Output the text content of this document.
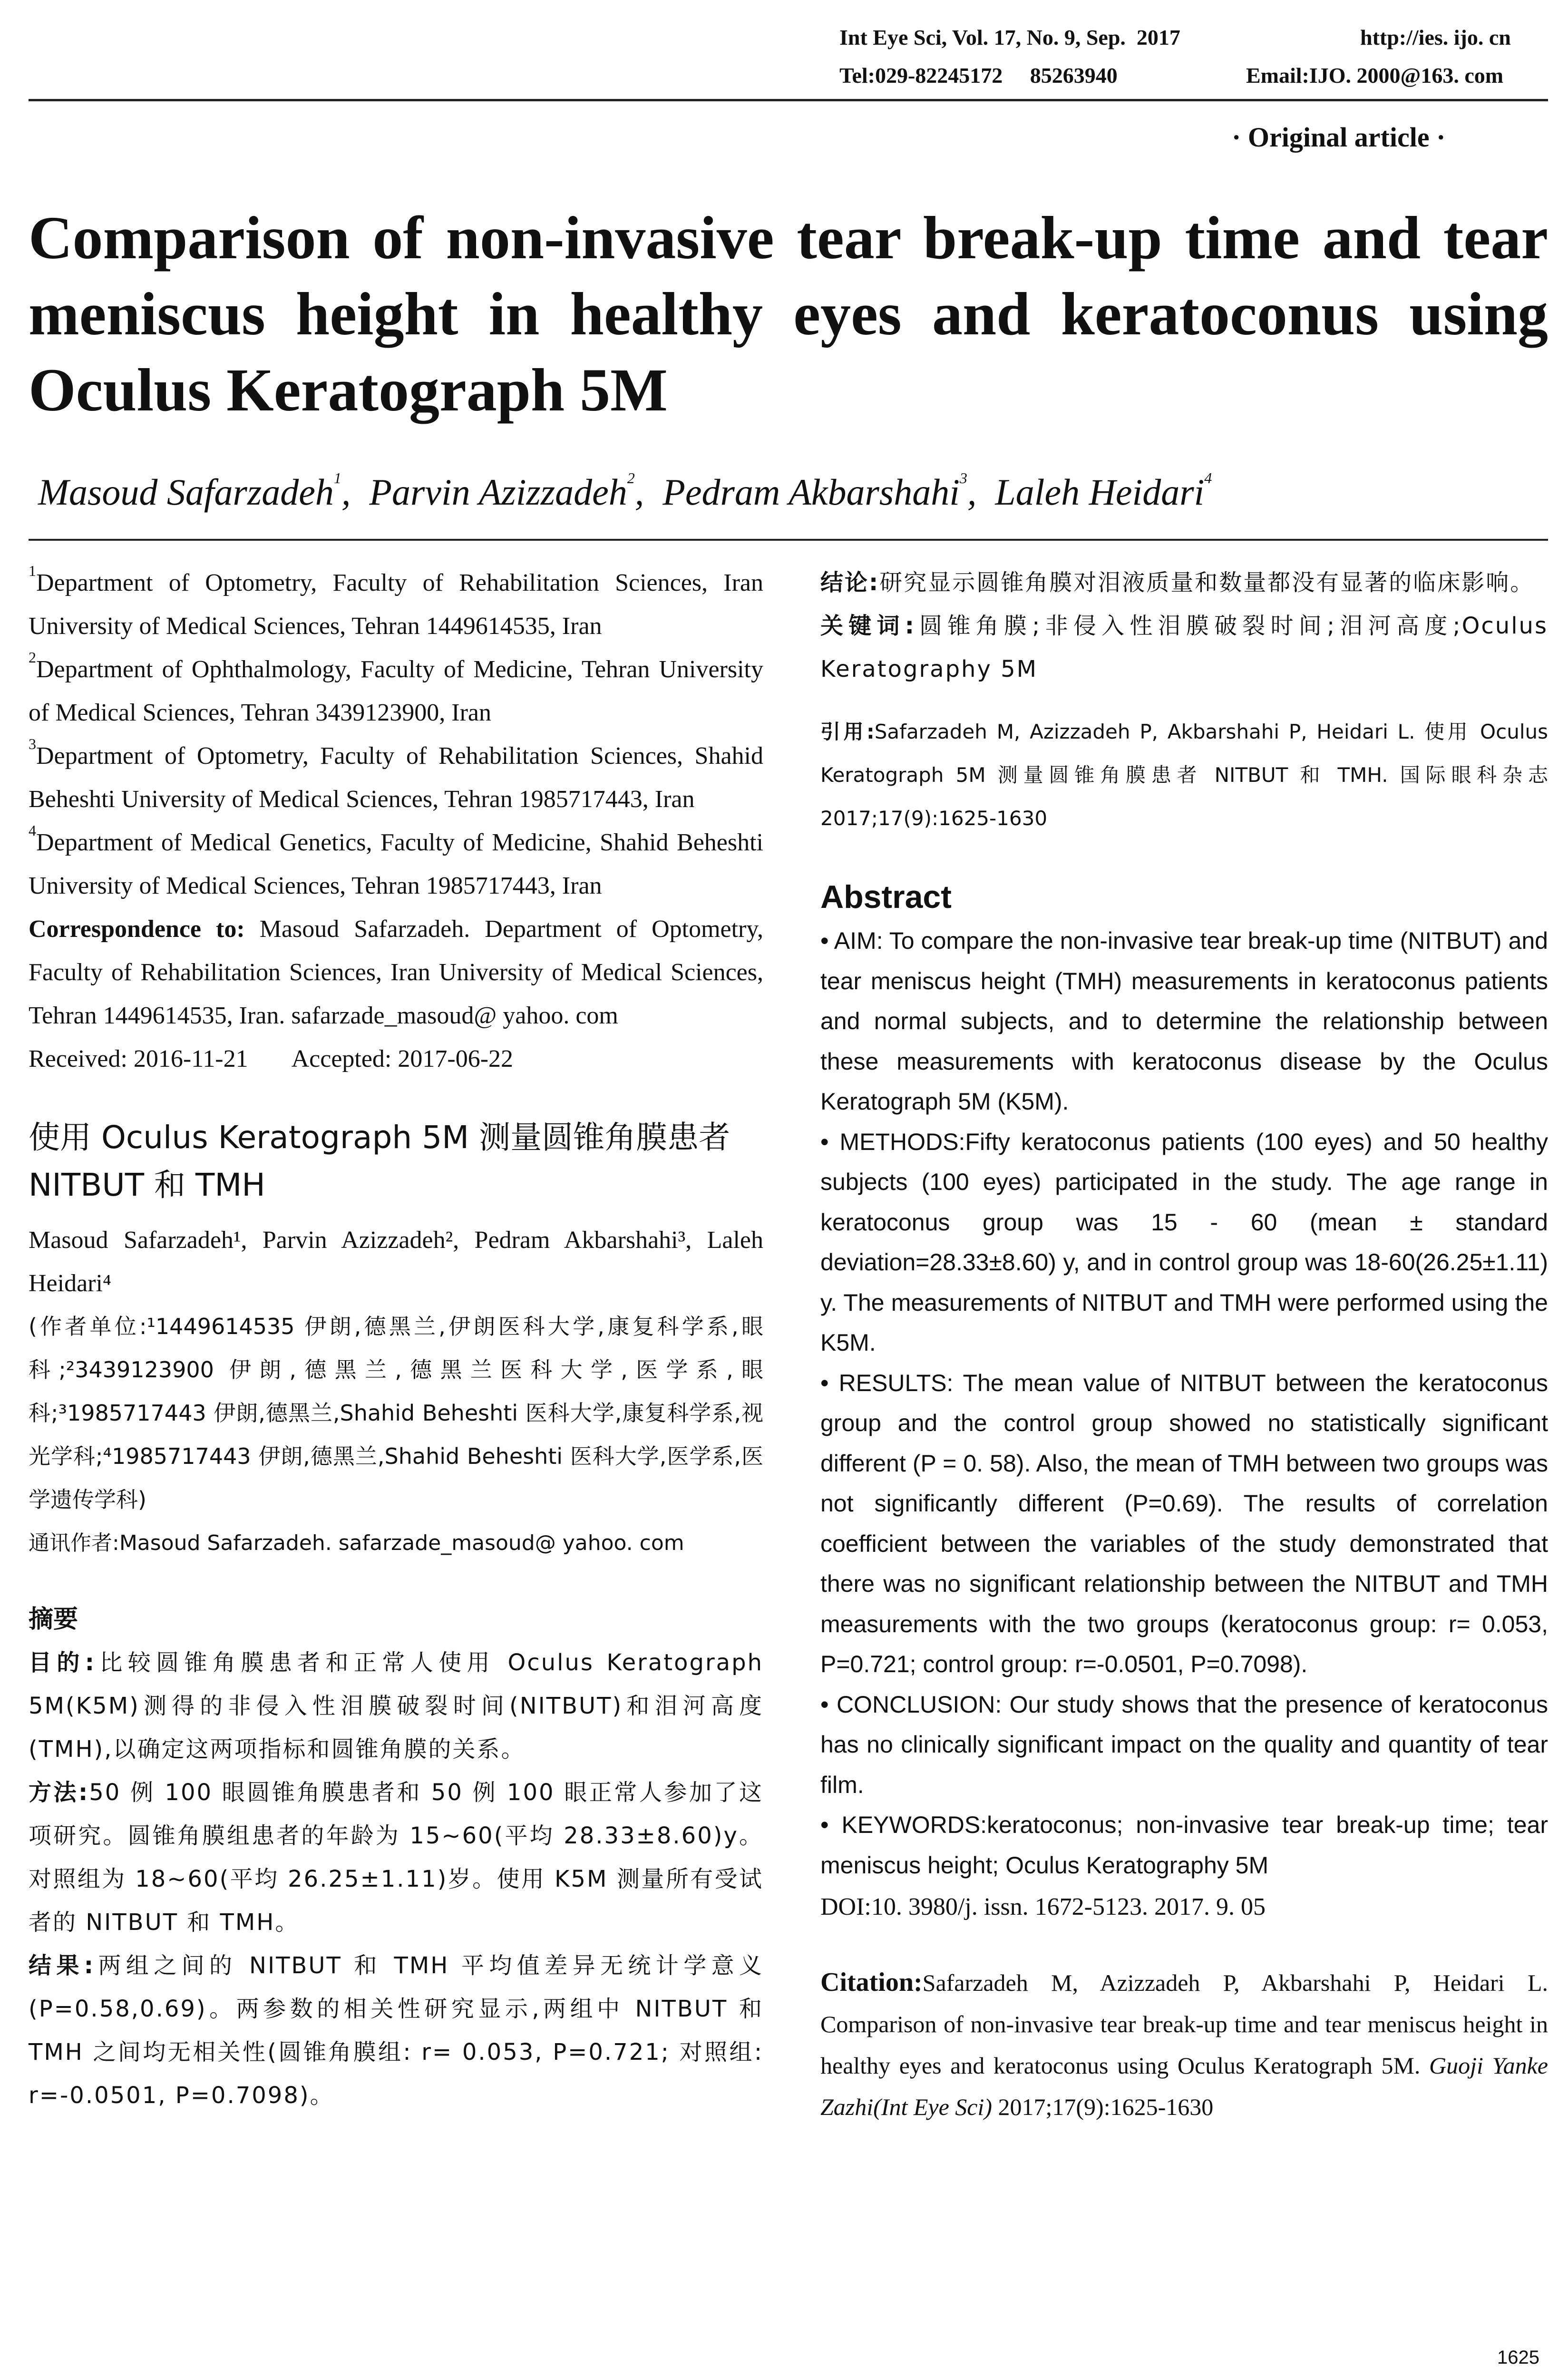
Int Eye Sci, Vol. 17, No. 9, Sep.  2017	http://ies. ijo. cn
Tel:029-82245172     85263940	Email:IJO. 2000@163. com
· Original article ·
Comparison of non-invasive tear break-up time and tear meniscus height in healthy eyes and keratoconus using Oculus Keratograph 5M
Masoud Safarzadeh$^1$,  Parvin Azizzadeh$^2$,  Pedram Akbarshahi$^3$,  Laleh Heidari$^4$

$^1$Department of Optometry, Faculty of Rehabilitation Sciences, Iran University of Medical Sciences, Tehran 1449614535, Iran

$^2$Department of Ophthalmology, Faculty of Medicine, Tehran University of Medical Sciences, Tehran 3439123900, Iran

$^3$Department of Optometry, Faculty of Rehabilitation Sciences, Shahid Beheshti University of Medical Sciences, Tehran 1985717443, Iran

$^4$Department of Medical Genetics, Faculty of Medicine, Shahid Beheshti University of Medical Sciences, Tehran 1985717443, Iran

Correspondence to: Masoud Safarzadeh. Department of Optometry, Faculty of Rehabilitation Sciences, Iran University of Medical Sciences, Tehran 1449614535, Iran. safarzade_masoud@ yahoo. com

Received: 2016-11-21 Accepted: 2017-06-22

使用 Oculus Keratograph 5M 测量圆锥角膜患者 NITBUT 和 TMH

Masoud Safarzadeh¹, Parvin Azizzadeh², Pedram Akbarshahi³, Laleh Heidari⁴

(作者单位:¹1449614535 伊朗,德黑兰,伊朗医科大学,康复科学系,眼科;²3439123900 伊朗,德黑兰,德黑兰医科大学,医学系,眼科;³1985717443 伊朗,德黑兰,Shahid Beheshti 医科大学,康复科学系,视光学科;⁴1985717443 伊朗,德黑兰,Shahid Beheshti 医科大学,医学系,医学遗传学科)

通讯作者:Masoud Safarzadeh. safarzade_masoud@ yahoo. com

摘要

目的:比较圆锥角膜患者和正常人使用 Oculus Keratograph 5M(K5M)测得的非侵入性泪膜破裂时间(NITBUT)和泪河高度(TMH),以确定这两项指标和圆锥角膜的关系。

方法:50 例 100 眼圆锥角膜患者和 50 例 100 眼正常人参加了这项研究。圆锥角膜组患者的年龄为 15~60(平均 28.33±8.60)y。对照组为 18~60(平均 26.25±1.11)岁。使用 K5M 测量所有受试者的 NITBUT 和 TMH。

结果:两组之间的 NITBUT 和 TMH 平均值差异无统计学意义(P=0.58,0.69)。两参数的相关性研究显示,两组中 NITBUT 和 TMH 之间均无相关性(圆锥角膜组: r= 0.053, P=0.721; 对照组: r=-0.0501, P=0.7098)。

结论:研究显示圆锥角膜对泪液质量和数量都没有显著的临床影响。

关键词:圆锥角膜;非侵入性泪膜破裂时间;泪河高度;Oculus Keratography 5M

引用:Safarzadeh M, Azizzadeh P, Akbarshahi P, Heidari L. 使用 Oculus Keratograph 5M 测量圆锥角膜患者 NITBUT 和 TMH. 国际眼科杂志 2017;17(9):1625-1630

Abstract

• AIM: To compare the non-invasive tear break-up time (NITBUT) and tear meniscus height (TMH) measurements in keratoconus patients and normal subjects, and to determine the relationship between these measurements with keratoconus disease by the Oculus Keratograph 5M (K5M).

• METHODS:Fifty keratoconus patients (100 eyes) and 50 healthy subjects (100 eyes) participated in the study. The age range in keratoconus group was 15 - 60 (mean ± standard deviation=28.33±8.60) y, and in control group was 18-60(26.25±1.11) y. The measurements of NITBUT and TMH were performed using the K5M.

• RESULTS: The mean value of NITBUT between the keratoconus group and the control group showed no statistically significant different (P = 0. 58). Also, the mean of TMH between two groups was not significantly different (P=0.69). The results of correlation coefficient between the variables of the study demonstrated that there was no significant relationship between the NITBUT and TMH measurements with the two groups (keratoconus group: r= 0.053, P=0.721; control group: r=-0.0501, P=0.7098).

• CONCLUSION: Our study shows that the presence of keratoconus has no clinically significant impact on the quality and quantity of tear film.

• KEYWORDS:keratoconus; non-invasive tear break-up time; tear meniscus height; Oculus Keratography 5M

DOI:10. 3980/j. issn. 1672-5123. 2017. 9. 05

Citation:Safarzadeh M, Azizzadeh P, Akbarshahi P, Heidari L. Comparison of non-invasive tear break-up time and tear meniscus height in healthy eyes and keratoconus using Oculus Keratograph 5M. Guoji Yanke Zazhi(Int Eye Sci) 2017;17(9):1625-1630

1625
